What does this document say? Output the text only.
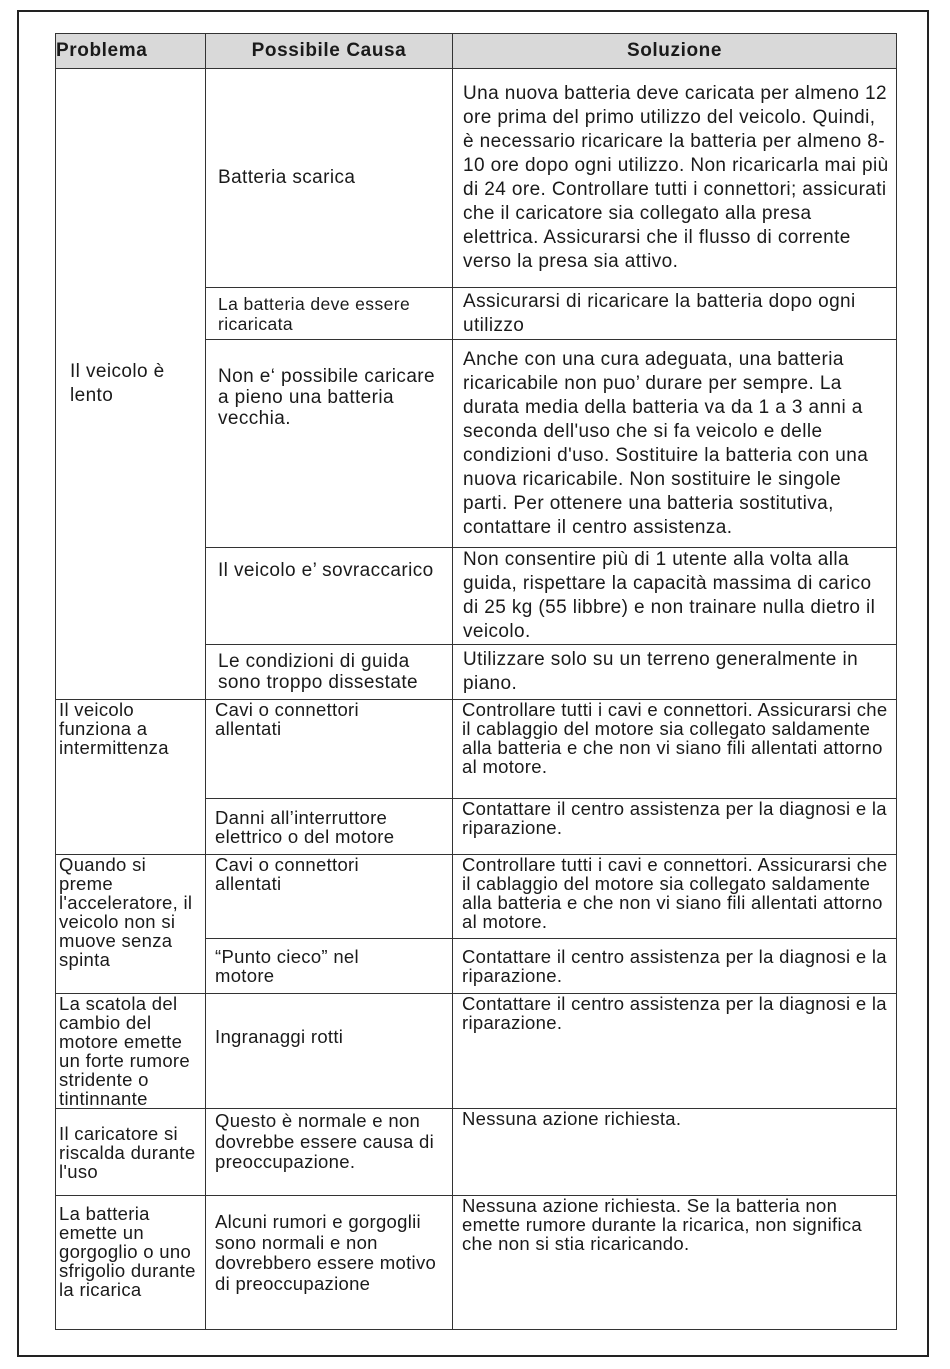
Problema	Possibile Causa	Soluzione
Il veicolo è lento	Batteria scarica	Una nuova batteria deve caricata per almeno 12 ore prima del primo utilizzo del veicolo. Quindi, è necessario ricaricare la batteria per almeno 8-10 ore dopo ogni utilizzo. Non ricaricarla mai più di 24 ore. Controllare tutti i connettori; assicurati che il caricatore sia collegato alla presa elettrica. Assicurarsi che il flusso di corrente verso la presa sia attivo.
	La batteria deve essere ricaricata	Assicurarsi di ricaricare la batteria dopo ogni utilizzo
	Non e‘ possibile caricare a pieno una batteria vecchia.	Anche con una cura adeguata, una batteria ricaricabile non puo’ durare per sempre. La durata media della batteria va da 1 a 3 anni a seconda dell'uso che si fa veicolo e delle condizioni d'uso. Sostituire la batteria con una nuova ricaricabile. Non sostituire le singole parti. Per ottenere una batteria sostitutiva, contattare il centro assistenza.
	Il veicolo e’ sovraccarico	Non consentire più di 1 utente alla volta alla guida, rispettare la capacità massima di carico di 25 kg (55 libbre) e non trainare nulla dietro il veicolo.
	Le condizioni di guida sono troppo dissestate	Utilizzare solo su un terreno generalmente in piano.
Il veicolo funziona a intermittenza	Cavi o connettori allentati	Controllare tutti i cavi e connettori. Assicurarsi che il cablaggio del motore sia collegato saldamente alla batteria e che non vi siano fili allentati attorno al motore.
	Danni all’interruttore elettrico o del motore	Contattare il centro assistenza per la diagnosi e la riparazione.
Quando si preme l'acceleratore, il veicolo non si muove senza spinta	Cavi o connettori allentati	Controllare tutti i cavi e connettori. Assicurarsi che il cablaggio del motore sia collegato saldamente alla batteria e che non vi siano fili allentati attorno al motore.
	“Punto cieco” nel motore	Contattare il centro assistenza per la diagnosi e la riparazione.
La scatola del cambio del motore emette un forte rumore stridente o tintinnante	Ingranaggi rotti	Contattare il centro assistenza per la diagnosi e la riparazione.
Il caricatore si riscalda durante l'uso	Questo è normale e non dovrebbe essere causa di preoccupazione.	Nessuna azione richiesta.
La batteria emette un gorgoglio o uno sfrigolio durante la ricarica	Alcuni rumori e gorgoglii sono normali e non dovrebbero essere motivo di preoccupazione	Nessuna azione richiesta. Se la batteria non emette rumore durante la ricarica, non significa che non si stia ricaricando.
